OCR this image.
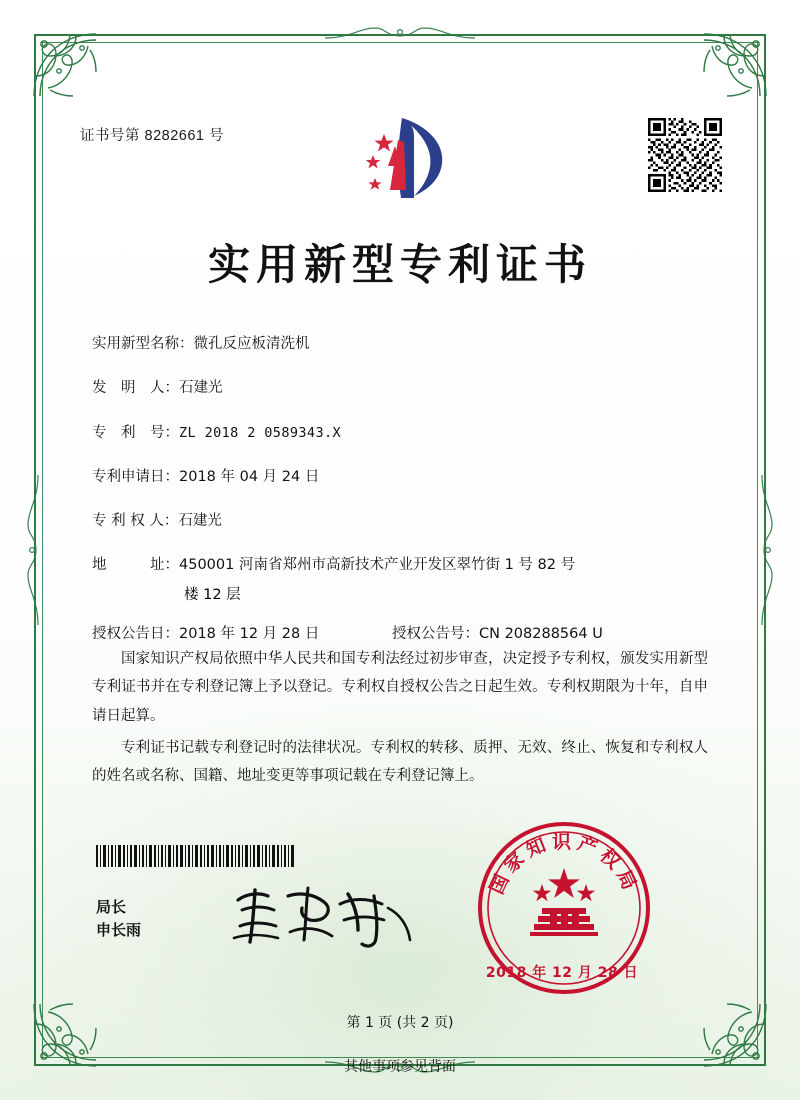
证书号第 8282661 号
实用新型专利证书
实用新型名称： 微孔反应板清洗机
发　明　人： 石建光
专　利　号： ZL 2018 2 0589343.X
专利申请日： 2018 年 04 月 24 日
专 利 权 人： 石建光
地　　　址： 450001 河南省郑州市高新技术产业开发区翠竹街 1 号 82 号
楼 12 层
授权公告日： 2018 年 12 月 28 日	授权公告号： CN 208288564 U

国家知识产权局依照中华人民共和国专利法经过初步审查，决定授予专利权，颁发实用新型专利证书并在专利登记簿上予以登记。专利权自授权公告之日起生效。专利权期限为十年，自申请日起算。

专利证书记载专利登记时的法律状况。专利权的转移、质押、无效、终止、恢复和专利权人的姓名或名称、国籍、地址变更等事项记载在专利登记簿上。

局长
申长雨
国家知识产权局
2018 年 12 月 28 日
第 1 页 (共 2 页)
其他事项参见背面
